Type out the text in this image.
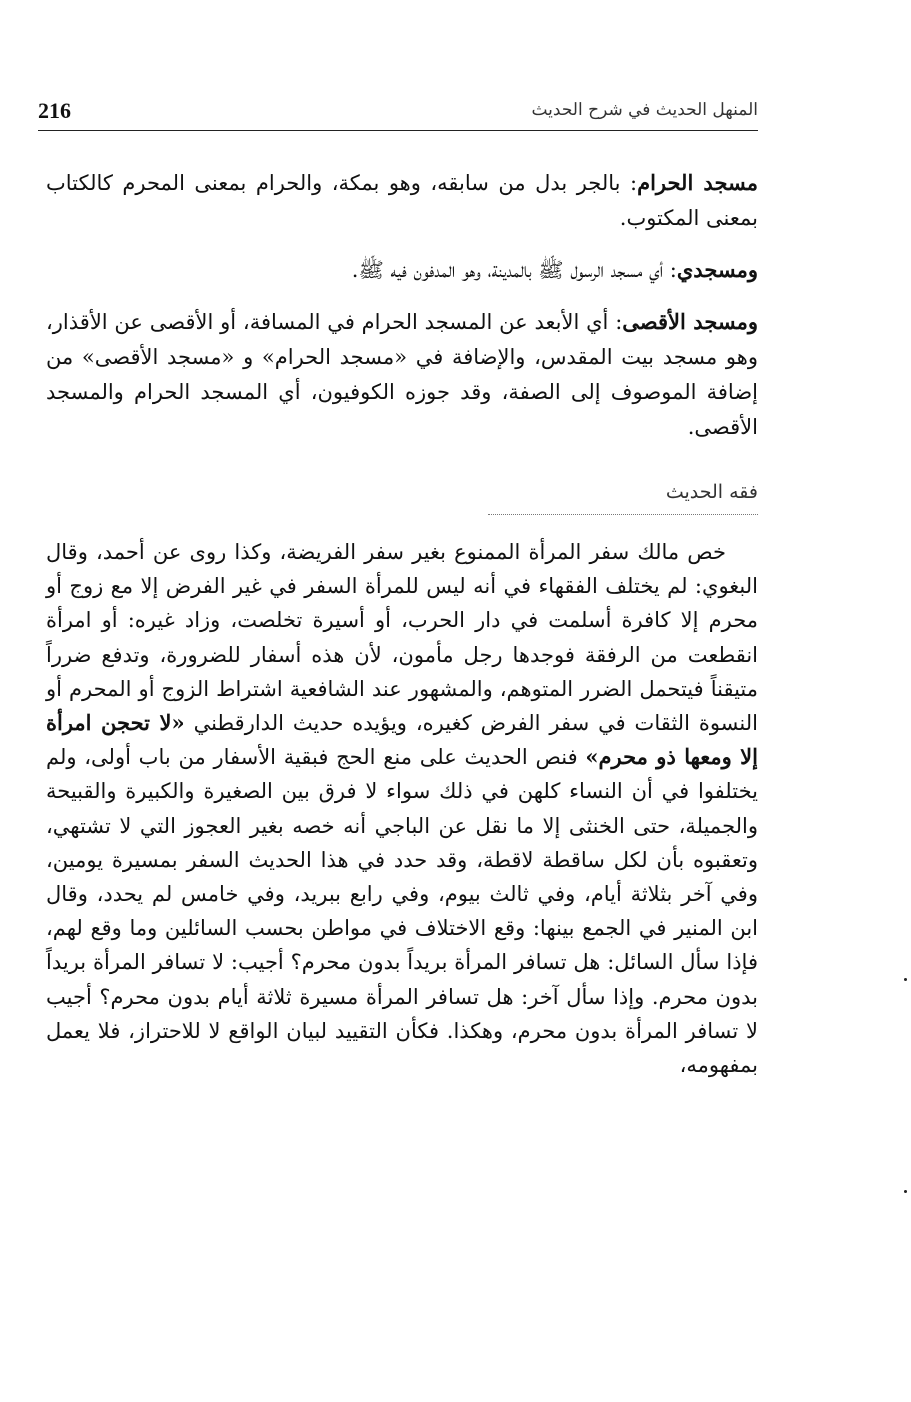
216	المنهل الحديث في شرح الحديث

مسجد الحرام: بالجر بدل من سابقه، وهو بمكة، والحرام بمعنى المحرم كالكتاب بمعنى المكتوب.

ومسجدي: أي مسجد الرسول ﷺ بالمدينة، وهو المدفون فيه ﷺ.

ومسجد الأقصى: أي الأبعد عن المسجد الحرام في المسافة، أو الأقصى عن الأقذار، وهو مسجد بيت المقدس، والإضافة في «مسجد الحرام» و «مسجد الأقصى» من إضافة الموصوف إلى الصفة، وقد جوزه الكوفيون، أي المسجد الحرام والمسجد الأقصى.

فقه الحديث

خص مالك سفر المرأة الممنوع بغير سفر الفريضة، وكذا روى عن أحمد، وقال البغوي: لم يختلف الفقهاء في أنه ليس للمرأة السفر في غير الفرض إلا مع زوج أو محرم إلا كافرة أسلمت في دار الحرب، أو أسيرة تخلصت، وزاد غيره: أو امرأة انقطعت من الرفقة فوجدها رجل مأمون، لأن هذه أسفار للضرورة، وتدفع ضرراً متيقناً فيتحمل الضرر المتوهم، والمشهور عند الشافعية اشتراط الزوج أو المحرم أو النسوة الثقات في سفر الفرض كغيره، ويؤيده حديث الدارقطني «لا تحجن امرأة إلا ومعها ذو محرم» فنص الحديث على منع الحج فبقية الأسفار من باب أولى، ولم يختلفوا في أن النساء كلهن في ذلك سواء لا فرق بين الصغيرة والكبيرة والقبيحة والجميلة، حتى الخنثى إلا ما نقل عن الباجي أنه خصه بغير العجوز التي لا تشتهي، وتعقبوه بأن لكل ساقطة لاقطة، وقد حدد في هذا الحديث السفر بمسيرة يومين، وفي آخر بثلاثة أيام، وفي ثالث بيوم، وفي رابع ببريد، وفي خامس لم يحدد، وقال ابن المنير في الجمع بينها: وقع الاختلاف في مواطن بحسب السائلين وما وقع لهم، فإذا سأل السائل: هل تسافر المرأة بريداً بدون محرم؟ أجيب: لا تسافر المرأة بريداً بدون محرم. وإذا سأل آخر: هل تسافر المرأة مسيرة ثلاثة أيام بدون محرم؟ أجيب لا تسافر المرأة بدون محرم، وهكذا. فكأن التقييد لبيان الواقع لا للاحتراز، فلا يعمل بمفهومه،
